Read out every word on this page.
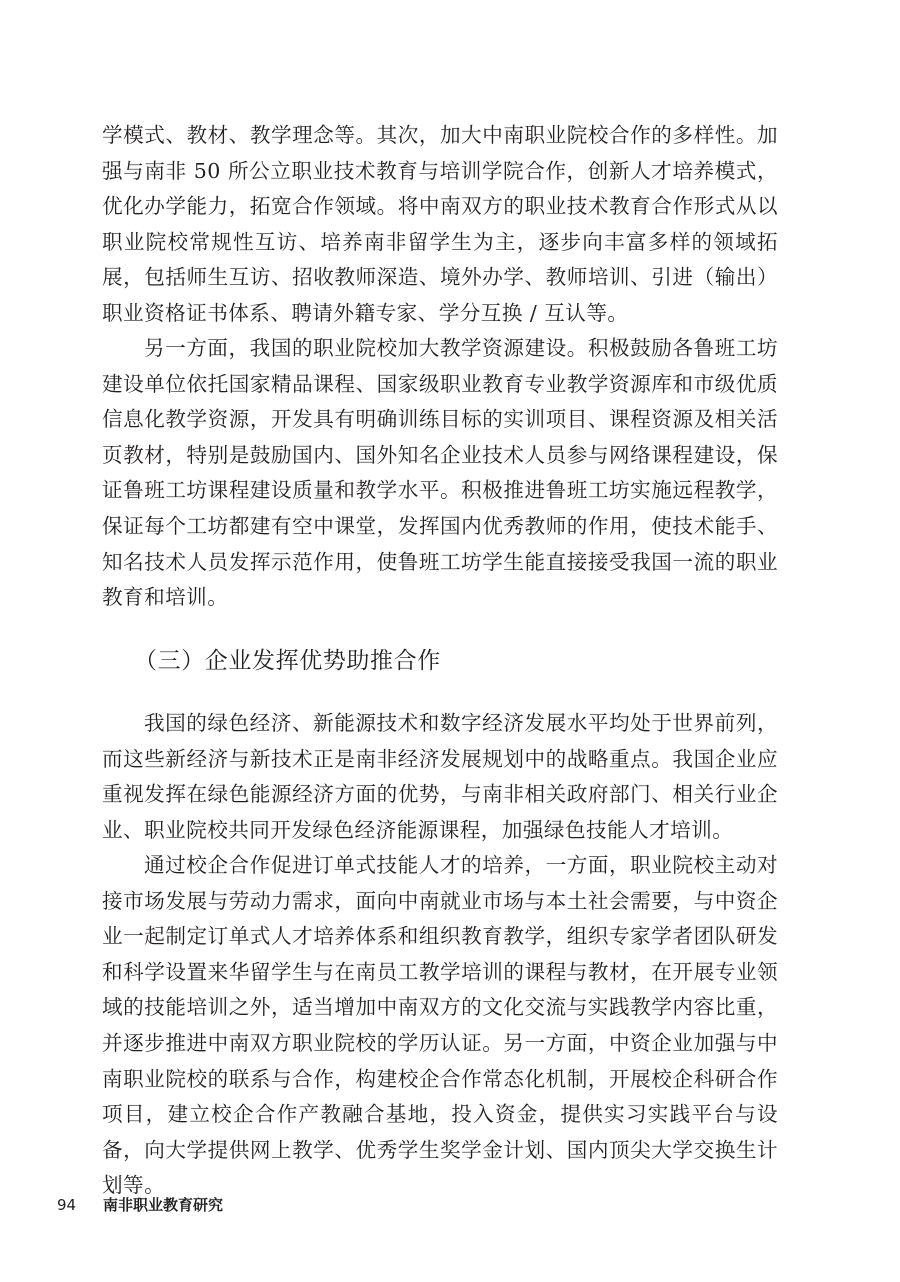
学模式、教材、教学理念等。其次，加大中南职业院校合作的多样性。加强与南非 50 所公立职业技术教育与培训学院合作，创新人才培养模式，优化办学能力，拓宽合作领域。将中南双方的职业技术教育合作形式从以职业院校常规性互访、培养南非留学生为主，逐步向丰富多样的领域拓展，包括师生互访、招收教师深造、境外办学、教师培训、引进（输出）职业资格证书体系、聘请外籍专家、学分互换 / 互认等。

另一方面，我国的职业院校加大教学资源建设。积极鼓励各鲁班工坊建设单位依托国家精品课程、国家级职业教育专业教学资源库和市级优质信息化教学资源，开发具有明确训练目标的实训项目、课程资源及相关活页教材，特别是鼓励国内、国外知名企业技术人员参与网络课程建设，保证鲁班工坊课程建设质量和教学水平。积极推进鲁班工坊实施远程教学，保证每个工坊都建有空中课堂，发挥国内优秀教师的作用，使技术能手、知名技术人员发挥示范作用，使鲁班工坊学生能直接接受我国一流的职业教育和培训。

（三）企业发挥优势助推合作

我国的绿色经济、新能源技术和数字经济发展水平均处于世界前列，而这些新经济与新技术正是南非经济发展规划中的战略重点。我国企业应重视发挥在绿色能源经济方面的优势，与南非相关政府部门、相关行业企业、职业院校共同开发绿色经济能源课程，加强绿色技能人才培训。

通过校企合作促进订单式技能人才的培养，一方面，职业院校主动对接市场发展与劳动力需求，面向中南就业市场与本土社会需要，与中资企业一起制定订单式人才培养体系和组织教育教学，组织专家学者团队研发和科学设置来华留学生与在南员工教学培训的课程与教材，在开展专业领域的技能培训之外，适当增加中南双方的文化交流与实践教学内容比重，并逐步推进中南双方职业院校的学历认证。另一方面，中资企业加强与中南职业院校的联系与合作，构建校企合作常态化机制，开展校企科研合作项目，建立校企合作产教融合基地，投入资金，提供实习实践平台与设备，向大学提供网上教学、优秀学生奖学金计划、国内顶尖大学交换生计划等。

94 南非职业教育研究
